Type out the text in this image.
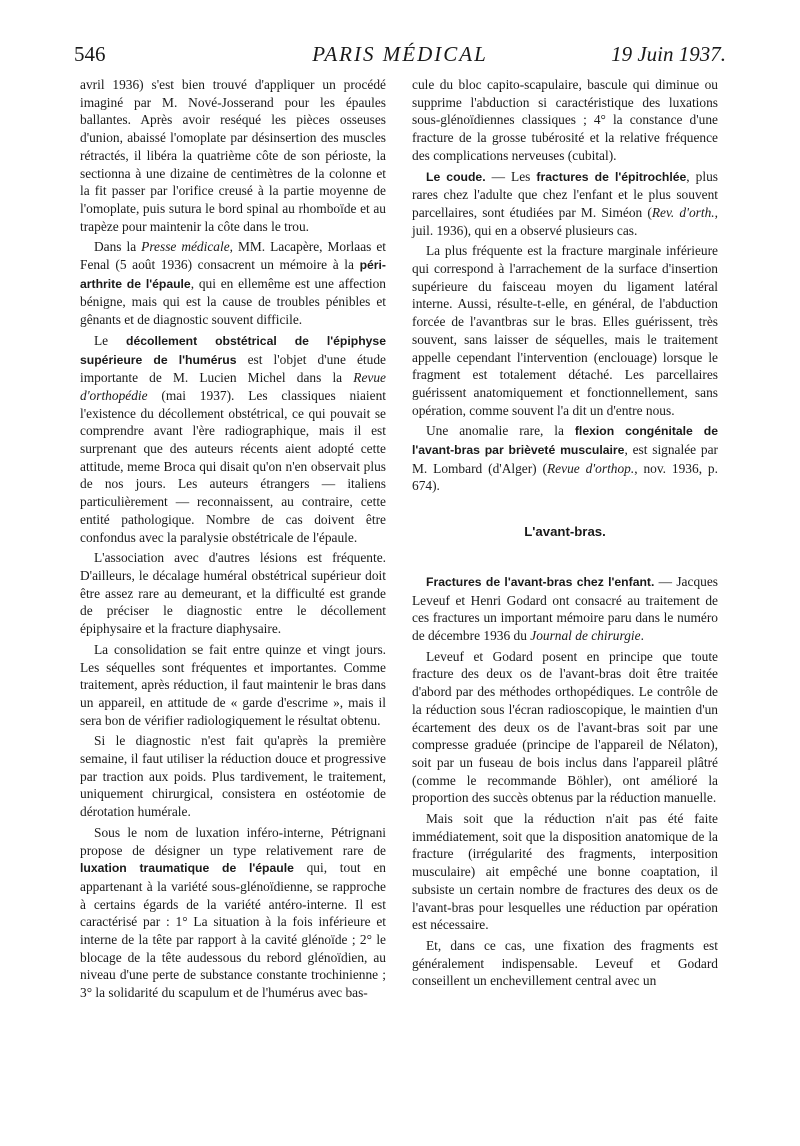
546	PARIS MÉDICAL	19 Juin 1937.

avril 1936) s'est bien trouvé d'appliquer un procédé imaginé par M. Nové-Josserand pour les épaules ballantes. Après avoir reséqué les pièces osseuses d'union, abaissé l'omoplate par désinsertion des muscles rétractés, il libéra la quatrième côte de son périoste, la sectionna à une dizaine de centimètres de la colonne et la fit passer par l'orifice creusé à la partie moyenne de l'omoplate, puis sutura le bord spinal au rhomboïde et au trapèze pour maintenir la côte dans le trou.

Dans la Presse médicale, MM. Lacapère, Morlaas et Fenal (5 août 1936) consacrent un mémoire à la péri-arthrite de l'épaule, qui en ellemême est une affection bénigne, mais qui est la cause de troubles pénibles et gênants et de diagnostic souvent difficile.

Le décollement obstétrical de l'épiphyse supérieure de l'humérus est l'objet d'une étude importante de M. Lucien Michel dans la Revue d'orthopédie (mai 1937). Les classiques niaient l'existence du décollement obstétrical, ce qui pouvait se comprendre avant l'ère radiographique, mais il est surprenant que des auteurs récents aient adopté cette attitude, meme Broca qui disait qu'on n'en observait plus de nos jours. Les auteurs étrangers — italiens particulièrement — reconnaissent, au contraire, cette entité pathologique. Nombre de cas doivent être confondus avec la paralysie obstétricale de l'épaule.

L'association avec d'autres lésions est fréquente. D'ailleurs, le décalage huméral obstétrical supérieur doit être assez rare au demeurant, et la difficulté est grande de préciser le diagnostic entre le décollement épiphysaire et la fracture diaphysaire.

La consolidation se fait entre quinze et vingt jours. Les séquelles sont fréquentes et importantes. Comme traitement, après réduction, il faut maintenir le bras dans un appareil, en attitude de « garde d'escrime », mais il sera bon de vérifier radiologiquement le résultat obtenu.

Si le diagnostic n'est fait qu'après la première semaine, il faut utiliser la réduction douce et progressive par traction aux poids. Plus tardivement, le traitement, uniquement chirurgical, consistera en ostéotomie de dérotation humérale.

Sous le nom de luxation inféro-interne, Pétrignani propose de désigner un type relativement rare de luxation traumatique de l'épaule qui, tout en appartenant à la variété sous-glénoïdienne, se rapproche à certains égards de la variété antéro-interne. Il est caractérisé par : 1° La situation à la fois inférieure et interne de la tête par rapport à la cavité glénoïde ; 2° le blocage de la tête audessous du rebord glénoïdien, au niveau d'une perte de substance constante trochinienne ; 3° la solidarité du scapulum et de l'humérus avec bas-

cule du bloc capito-scapulaire, bascule qui diminue ou supprime l'abduction si caractéristique des luxations sous-glénoïdiennes classiques ; 4° la constance d'une fracture de la grosse tubérosité et la relative fréquence des complications nerveuses (cubital).

Le coude. — Les fractures de l'épitrochlée, plus rares chez l'adulte que chez l'enfant et le plus souvent parcellaires, sont étudiées par M. Siméon (Rev. d'orth., juil. 1936), qui en a observé plusieurs cas.

La plus fréquente est la fracture marginale inférieure qui correspond à l'arrachement de la surface d'insertion supérieure du faisceau moyen du ligament latéral interne. Aussi, résulte-t-elle, en général, de l'abduction forcée de l'avantbras sur le bras. Elles guérissent, très souvent, sans laisser de séquelles, mais le traitement appelle cependant l'intervention (enclouage) lorsque le fragment est totalement détaché. Les parcellaires guérissent anatomiquement et fonctionnellement, sans opération, comme souvent l'a dit un d'entre nous.

Une anomalie rare, la flexion congénitale de l'avant-bras par brièveté musculaire, est signalée par M. Lombard (d'Alger) (Revue d'orthop., nov. 1936, p. 674).

L'avant-bras.

Fractures de l'avant-bras chez l'enfant. — Jacques Leveuf et Henri Godard ont consacré au traitement de ces fractures un important mémoire paru dans le numéro de décembre 1936 du Journal de chirurgie.

Leveuf et Godard posent en principe que toute fracture des deux os de l'avant-bras doit être traitée d'abord par des méthodes orthopédiques. Le contrôle de la réduction sous l'écran radioscopique, le maintien d'un écartement des deux os de l'avant-bras soit par une compresse graduée (principe de l'appareil de Nélaton), soit par un fuseau de bois inclus dans l'appareil plâtré (comme le recommande Böhler), ont amélioré la proportion des succès obtenus par la réduction manuelle.

Mais soit que la réduction n'ait pas été faite immédiatement, soit que la disposition anatomique de la fracture (irrégularité des fragments, interposition musculaire) ait empêché une bonne coaptation, il subsiste un certain nombre de fractures des deux os de l'avant-bras pour lesquelles une réduction par opération est nécessaire.

Et, dans ce cas, une fixation des fragments est généralement indispensable. Leveuf et Godard conseillent un enchevillement central avec un
